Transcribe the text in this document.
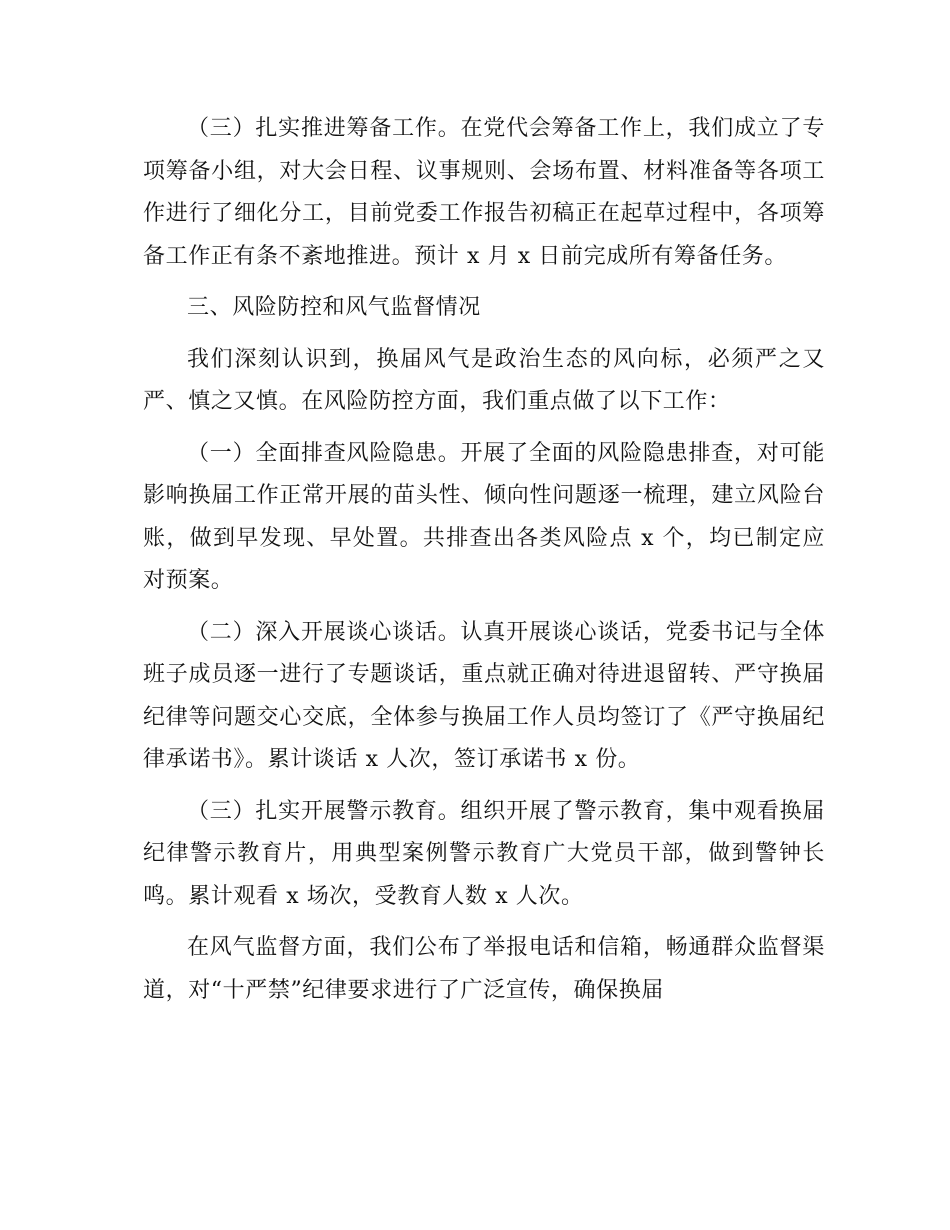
（三）扎实推进筹备工作。在党代会筹备工作上，我们成立了专项筹备小组，对大会日程、议事规则、会场布置、材料准备等各项工作进行了细化分工，目前党委工作报告初稿正在起草过程中，各项筹备工作正有条不紊地推进。预计 x 月 x 日前完成所有筹备任务。

三、风险防控和风气监督情况

我们深刻认识到，换届风气是政治生态的风向标，必须严之又严、慎之又慎。在风险防控方面，我们重点做了以下工作：

（一）全面排查风险隐患。开展了全面的风险隐患排查，对可能影响换届工作正常开展的苗头性、倾向性问题逐一梳理，建立风险台账，做到早发现、早处置。共排查出各类风险点 x 个，均已制定应对预案。

（二）深入开展谈心谈话。认真开展谈心谈话，党委书记与全体班子成员逐一进行了专题谈话，重点就正确对待进退留转、严守换届纪律等问题交心交底，全体参与换届工作人员均签订了《严守换届纪律承诺书》。累计谈话 x 人次，签订承诺书 x 份。

（三）扎实开展警示教育。组织开展了警示教育，集中观看换届纪律警示教育片，用典型案例警示教育广大党员干部，做到警钟长鸣。累计观看 x 场次，受教育人数 x 人次。

在风气监督方面，我们公布了举报电话和信箱，畅通群众监督渠道，对“十严禁”纪律要求进行了广泛宣传，确保换届
